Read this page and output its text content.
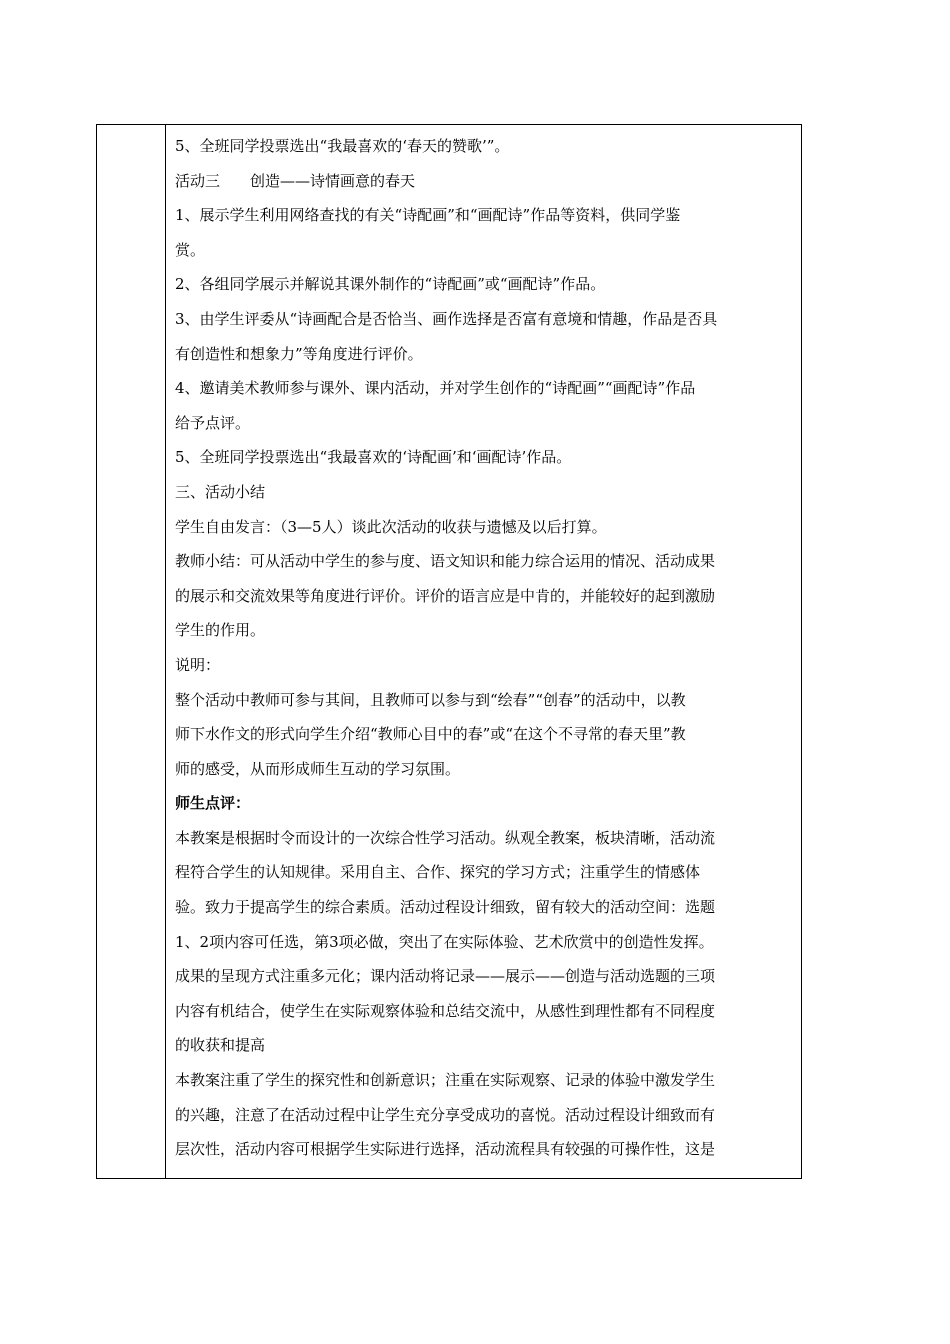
5、全班同学投票选出“我最喜欢的‘春天的赞歌’”。
活动三　　创造——诗情画意的春天
1、展示学生利用网络查找的有关“诗配画”和“画配诗”作品等资料，供同学鉴
赏。
2、各组同学展示并解说其课外制作的“诗配画”或“画配诗”作品。
3、由学生评委从“诗画配合是否恰当、画作选择是否富有意境和情趣，作品是否具
有创造性和想象力”等角度进行评价。
4、邀请美术教师参与课外、课内活动，并对学生创作的“诗配画”“画配诗”作品
给予点评。
5、全班同学投票选出“我最喜欢的‘诗配画’和‘画配诗’作品。
三、活动小结
学生自由发言：（3—5人）谈此次活动的收获与遗憾及以后打算。
教师小结：可从活动中学生的参与度、语文知识和能力综合运用的情况、活动成果
的展示和交流效果等角度进行评价。评价的语言应是中肯的，并能较好的起到激励
学生的作用。
说明：
整个活动中教师可参与其间，且教师可以参与到“绘春”“创春”的活动中，以教
师下水作文的形式向学生介绍“教师心目中的春”或“在这个不寻常的春天里”教
师的感受，从而形成师生互动的学习氛围。
师生点评：
本教案是根据时令而设计的一次综合性学习活动。纵观全教案，板块清晰，活动流
程符合学生的认知规律。采用自主、合作、探究的学习方式；注重学生的情感体
验。致力于提高学生的综合素质。活动过程设计细致，留有较大的活动空间：选题
1、2项内容可任选，第3项必做，突出了在实际体验、艺术欣赏中的创造性发挥。
成果的呈现方式注重多元化；课内活动将记录——展示——创造与活动选题的三项
内容有机结合，使学生在实际观察体验和总结交流中，从感性到理性都有不同程度
的收获和提高
本教案注重了学生的探究性和创新意识；注重在实际观察、记录的体验中激发学生
的兴趣，注意了在活动过程中让学生充分享受成功的喜悦。活动过程设计细致而有
层次性，活动内容可根据学生实际进行选择，活动流程具有较强的可操作性，这是
